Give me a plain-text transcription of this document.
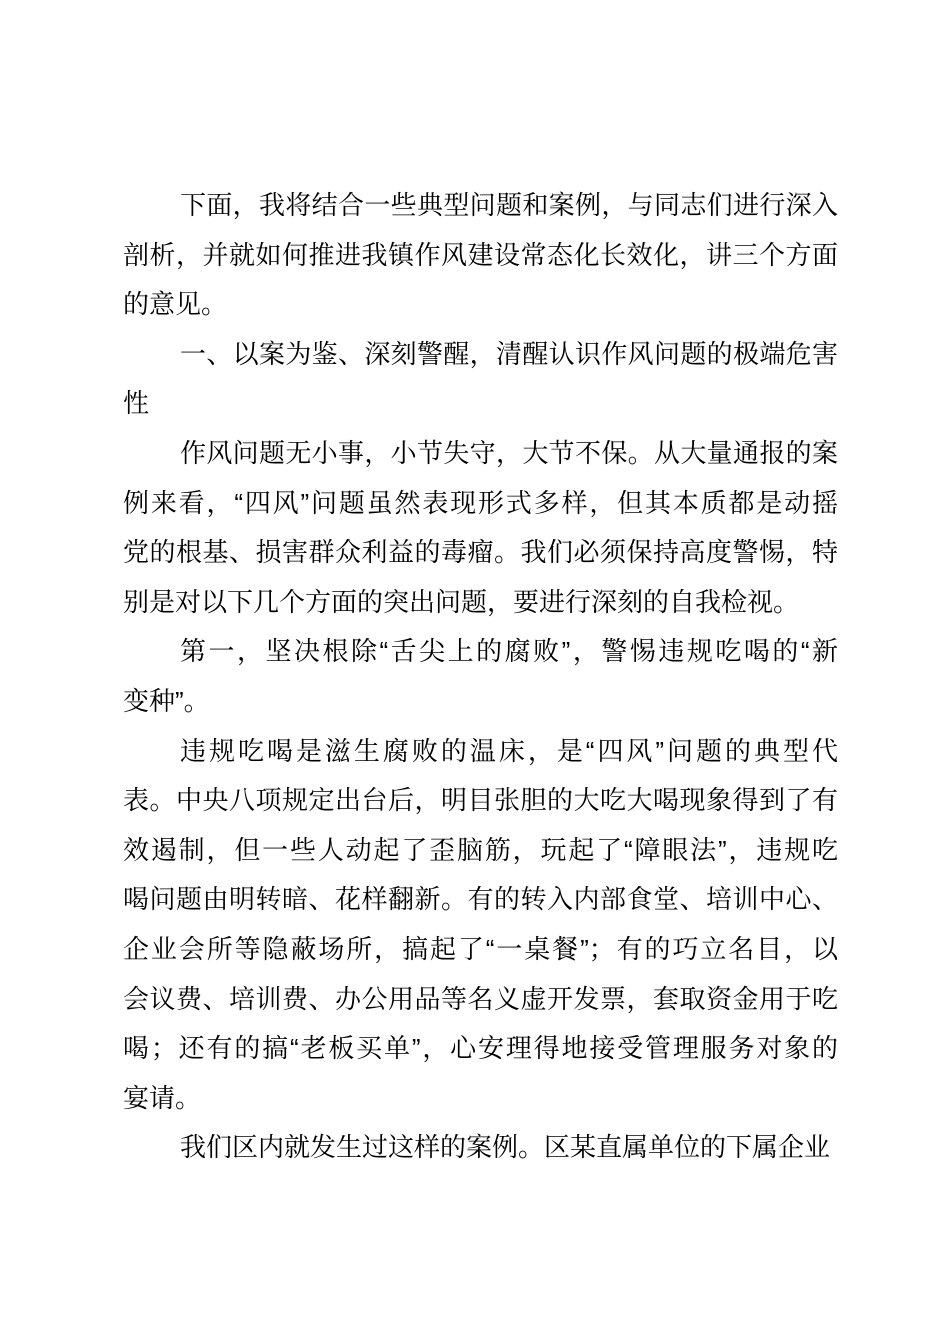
下面，我将结合一些典型问题和案例，与同志们进行深入
剖析，并就如何推进我镇作风建设常态化长效化，讲三个方面
的意见。
一、以案为鉴、深刻警醒，清醒认识作风问题的极端危害
性
作风问题无小事，小节失守，大节不保。从大量通报的案
例来看，“四风”问题虽然表现形式多样，但其本质都是动摇
党的根基、损害群众利益的毒瘤。我们必须保持高度警惕，特
别是对以下几个方面的突出问题，要进行深刻的自我检视。
第一，坚决根除“舌尖上的腐败”，警惕违规吃喝的“新
变种”。
违规吃喝是滋生腐败的温床，是“四风”问题的典型代
表。中央八项规定出台后，明目张胆的大吃大喝现象得到了有
效遏制，但一些人动起了歪脑筋，玩起了“障眼法”，违规吃
喝问题由明转暗、花样翻新。有的转入内部食堂、培训中心、
企业会所等隐蔽场所，搞起了“一桌餐”；有的巧立名目，以
会议费、培训费、办公用品等名义虚开发票，套取资金用于吃
喝；还有的搞“老板买单”，心安理得地接受管理服务对象的
宴请。
我们区内就发生过这样的案例。区某直属单位的下属企业
